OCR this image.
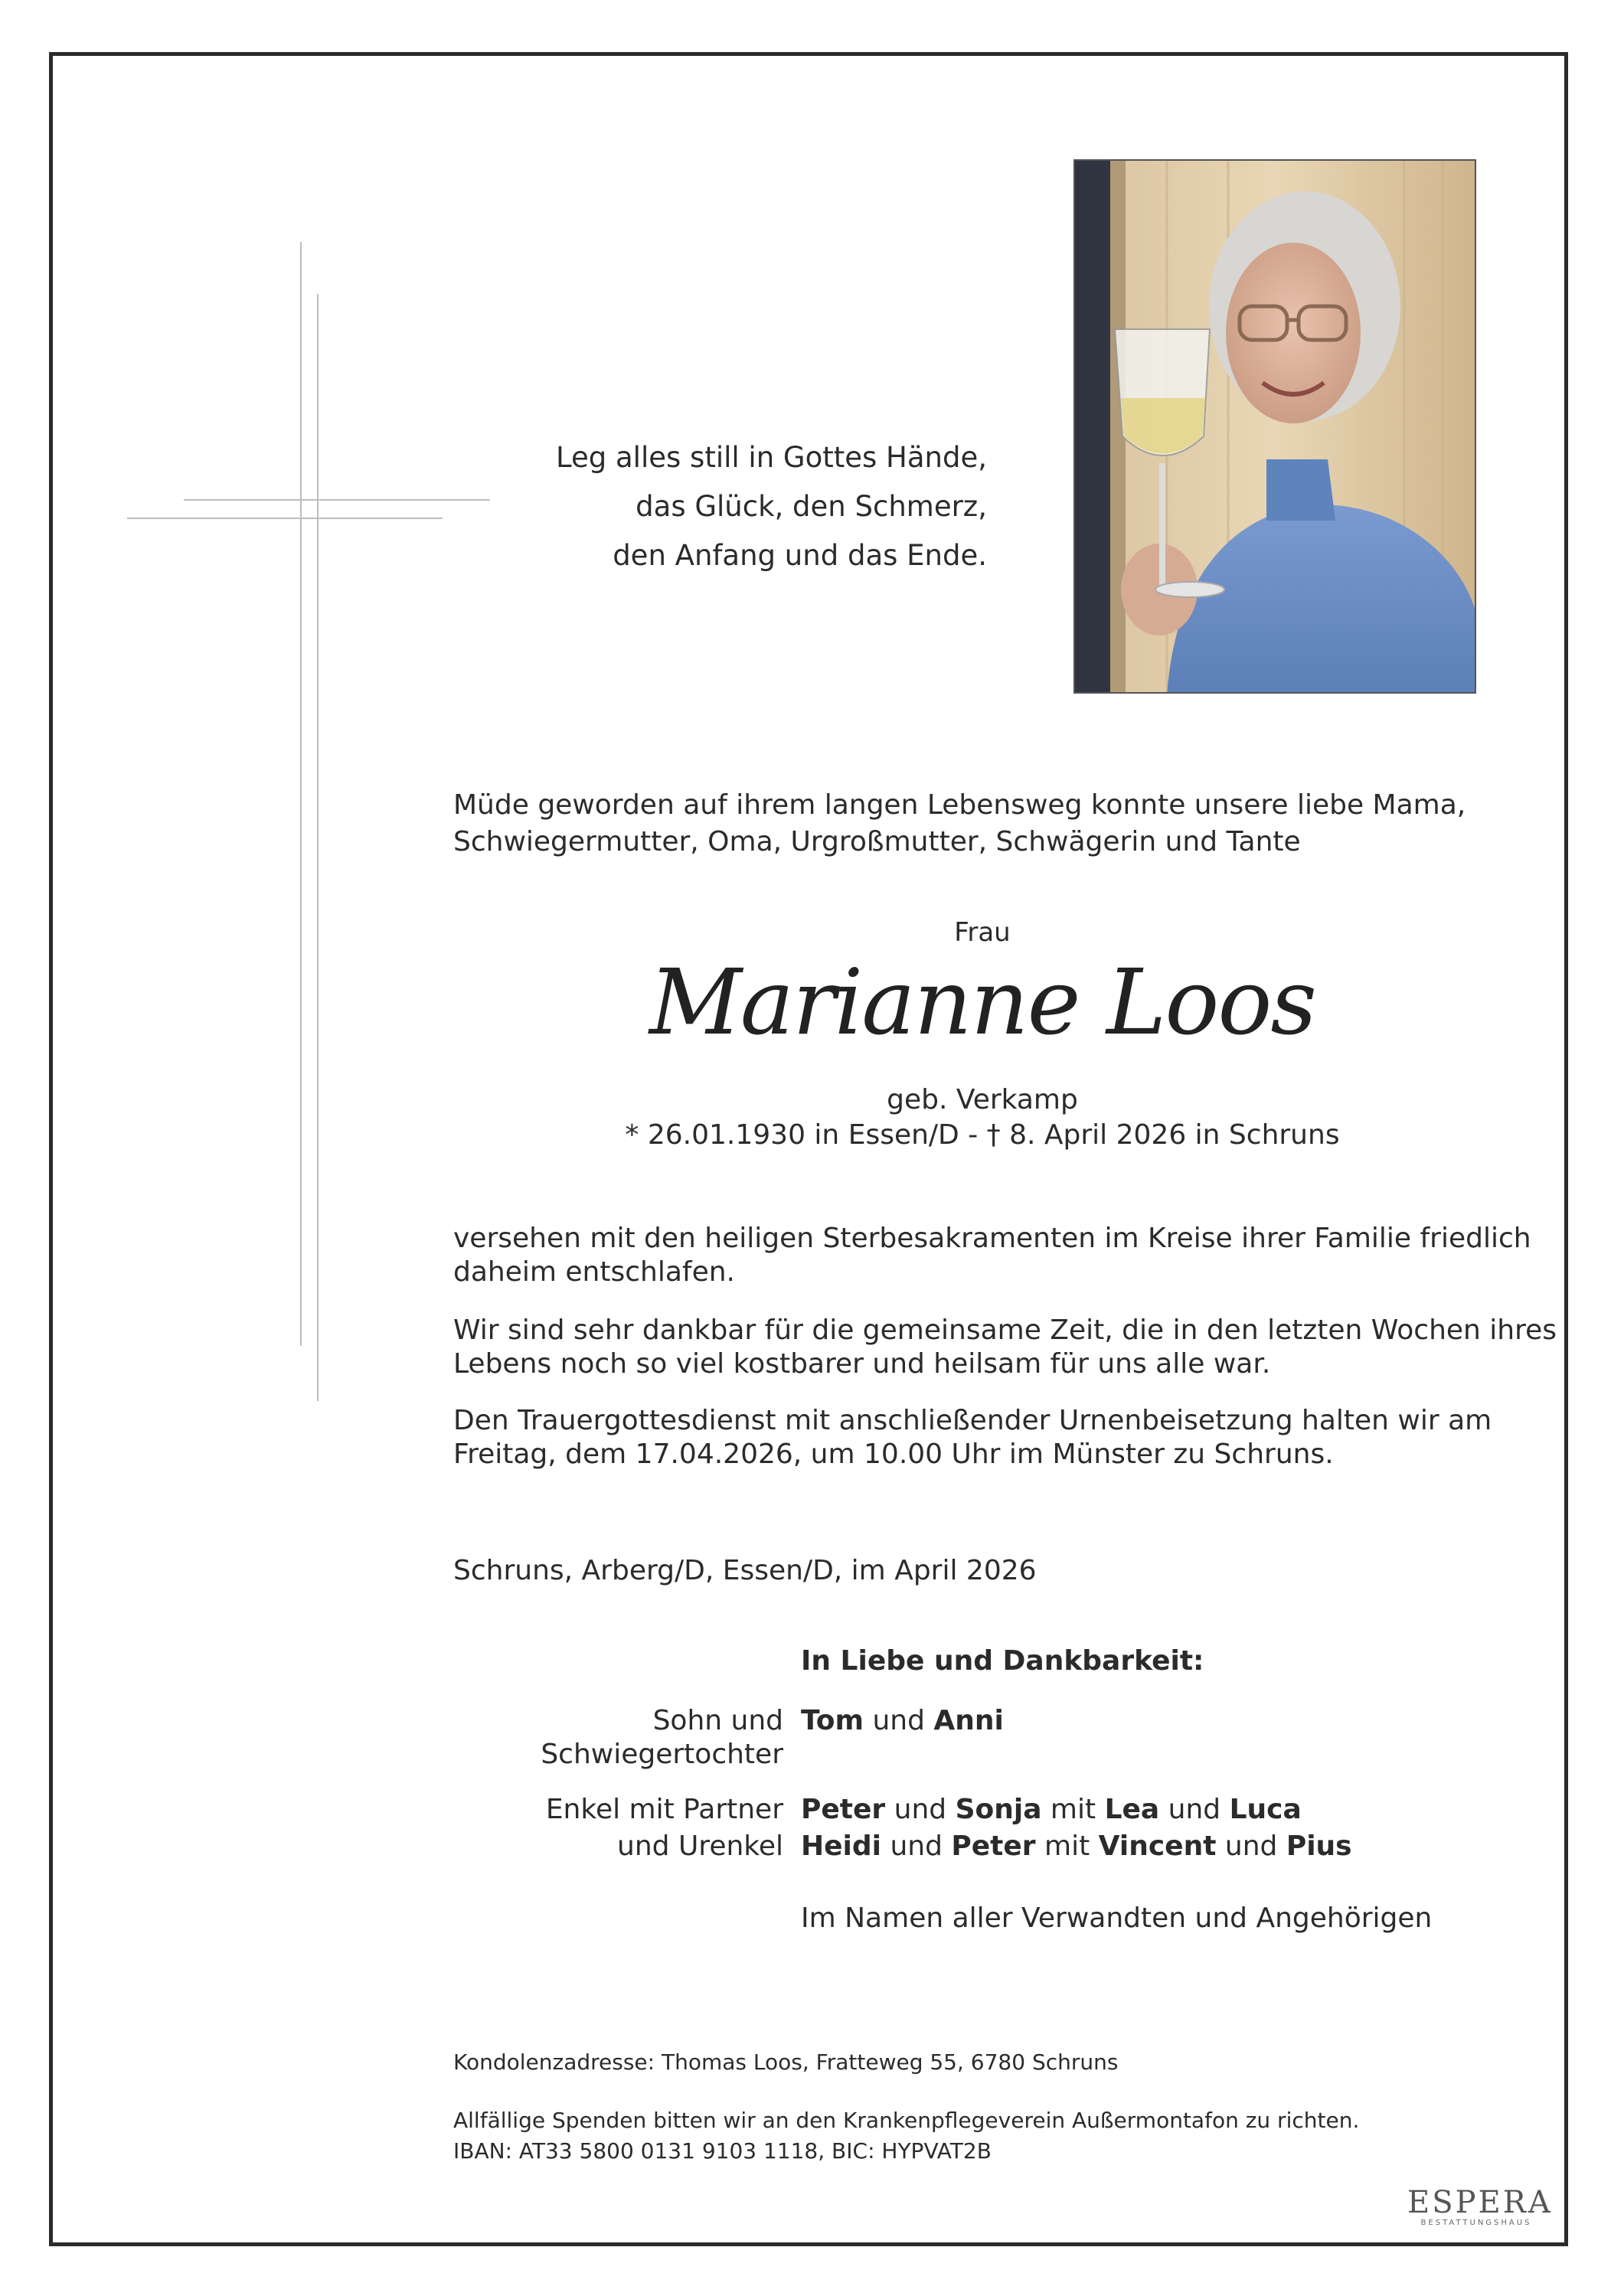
Leg alles still in Gottes Hände,
das Glück, den Schmerz,
den Anfang und das Ende.
Müde geworden auf ihrem langen Lebensweg konnte unsere liebe Mama,
Schwiegermutter, Oma, Urgroßmutter, Schwägerin und Tante
Frau
Marianne Loos
geb. Verkamp
* 26.01.1930 in Essen/D - † 8. April 2026 in Schruns
versehen mit den heiligen Sterbesakramenten im Kreise ihrer Familie friedlich
daheim entschlafen.
Wir sind sehr dankbar für die gemeinsame Zeit, die in den letzten Wochen ihres
Lebens noch so viel kostbarer und heilsam für uns alle war.
Den Trauergottesdienst mit anschließender Urnenbeisetzung halten wir am
Freitag, dem 17.04.2026, um 10.00 Uhr im Münster zu Schruns.
Schruns, Arberg/D, Essen/D, im April 2026
In Liebe und Dankbarkeit:
Sohn und
Schwiegertochter
Tom und Anni
Enkel mit Partner
und Urenkel
Peter und Sonja mit Lea und Luca
Heidi und Peter mit Vincent und Pius
Im Namen aller Verwandten und Angehörigen
Kondolenzadresse: Thomas Loos, Fratteweg 55, 6780 Schruns
Allfällige Spenden bitten wir an den Krankenpflegeverein Außermontafon zu richten.
IBAN: AT33 5800 0131 9103 1118, BIC: HYPVAT2B
ESPERA
BESTATTUNGSHAUS
